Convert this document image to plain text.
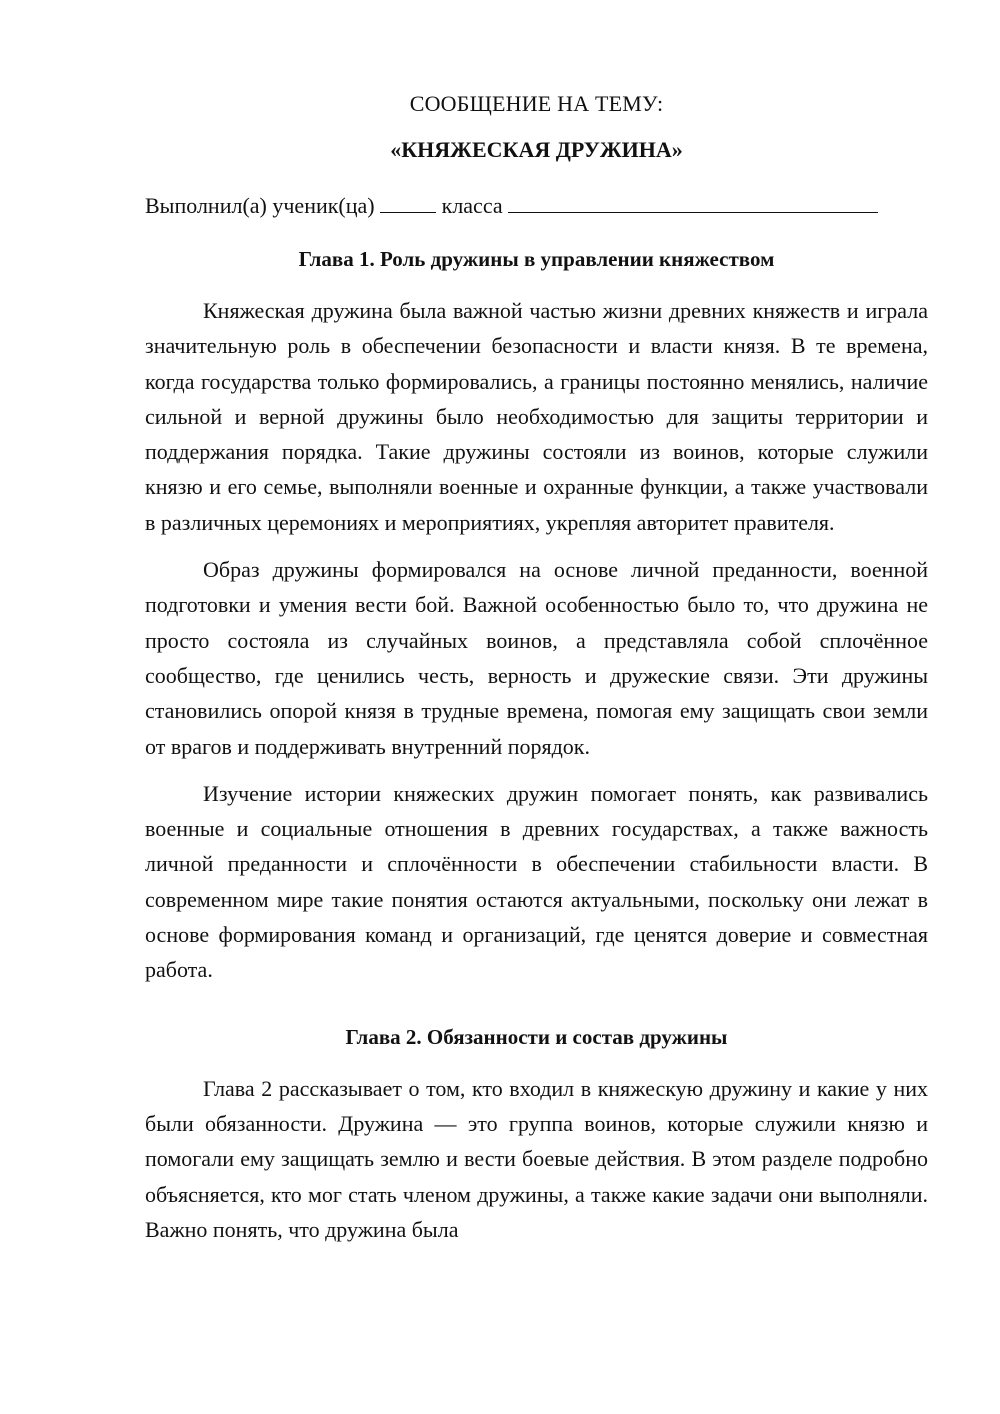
СООБЩЕНИЕ НА ТЕМУ:

«КНЯЖЕСКАЯ ДРУЖИНА»

Выполнил(а) ученик(ца)	класса
Глава 1. Роль дружины в управлении княжеством

Княжеская дружина была важной частью жизни древних княжеств и играла значительную роль в обеспечении безопасности и власти князя. В те времена, когда государства только формировались, а границы постоянно менялись, наличие сильной и верной дружины было необходимостью для защиты территории и поддержания порядка. Такие дружины состояли из воинов, которые служили князю и его семье, выполняли военные и охранные функции, а также участвовали в различных церемониях и мероприятиях, укрепляя авторитет правителя.

Образ дружины формировался на основе личной преданности, военной подготовки и умения вести бой. Важной особенностью было то, что дружина не просто состояла из случайных воинов, а представляла собой сплочённое сообщество, где ценились честь, верность и дружеские связи. Эти дружины становились опорой князя в трудные времена, помогая ему защищать свои земли от врагов и поддерживать внутренний порядок.

Изучение истории княжеских дружин помогает понять, как развивались военные и социальные отношения в древних государствах, а также важность личной преданности и сплочённости в обеспечении стабильности власти. В современном мире такие понятия остаются актуальными, поскольку они лежат в основе формирования команд и организаций, где ценятся доверие и совместная работа.

Глава 2. Обязанности и состав дружины

Глава 2 рассказывает о том, кто входил в княжескую дружину и какие у них были обязанности. Дружина — это группа воинов, которые служили князю и помогали ему защищать землю и вести боевые действия. В этом разделе подробно объясняется, кто мог стать членом дружины, а также какие задачи они выполняли. Важно понять, что дружина была
